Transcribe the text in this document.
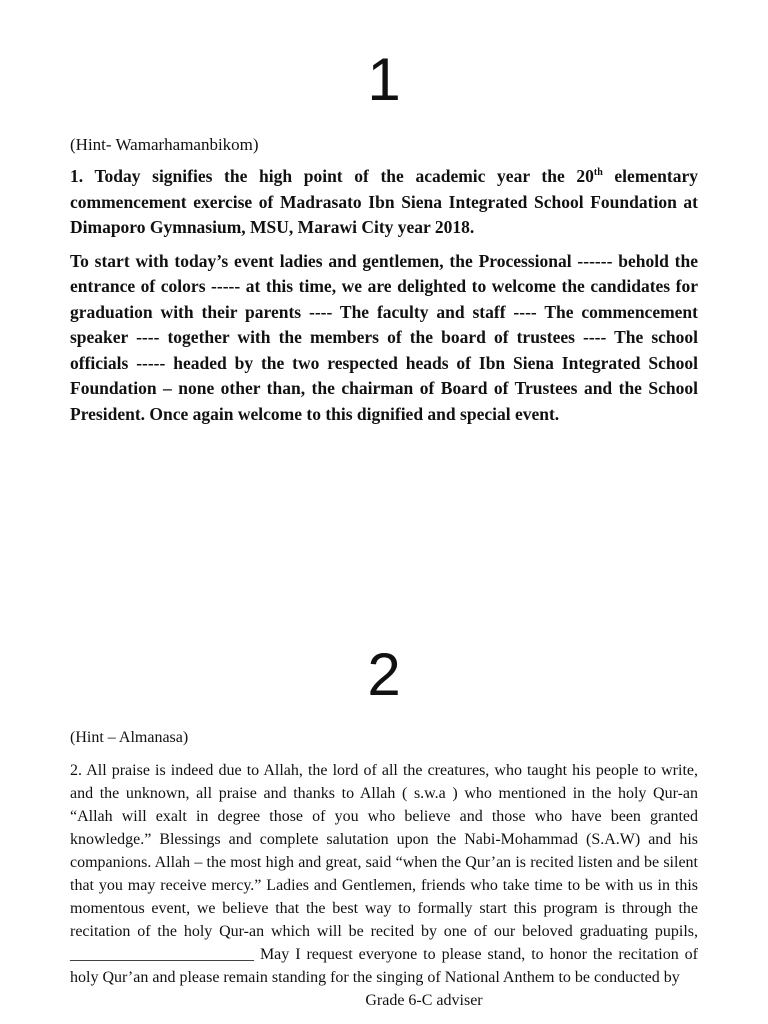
1

(Hint- Wamarhamanbikom)

1. Today signifies the high point of the academic year the 20th elementary commencement exercise of Madrasato Ibn Siena Integrated School Foundation at Dimaporo Gymnasium, MSU, Marawi City year 2018.

To start with today’s event ladies and gentlemen, the Processional ------ behold the entrance of colors ----- at this time, we are delighted to welcome the candidates for graduation with their parents ---- The faculty and staff ---- The commencement speaker ---- together with the members of the board of trustees ---- The school officials ----- headed by the two respected heads of Ibn Siena Integrated School Foundation – none other than, the chairman of Board of Trustees and the School President. Once again welcome to this dignified and special event.

2

(Hint – Almanasa)

2. All praise is indeed due to Allah, the lord of all the creatures, who taught his people to write, and the unknown, all praise and thanks to Allah ( s.w.a ) who mentioned in the holy Qur-an “Allah will exalt in degree those of you who believe and those who have been granted knowledge.” Blessings and complete salutation upon the Nabi-Mohammad (S.A.W) and his companions. Allah – the most high and great, said “when the Qur’an is recited listen and be silent that you may receive mercy.” Ladies and Gentlemen, friends who take time to be with us in this momentous event, we believe that the best way to formally start this program is through the recitation of the holy Qur-an which will be recited by one of our beloved graduating pupils, _______________________ May I request everyone to please stand, to honor the recitation of holy Qur’an and please remain standing for the singing of National Anthem to be conducted by

Grade 6-C adviser
